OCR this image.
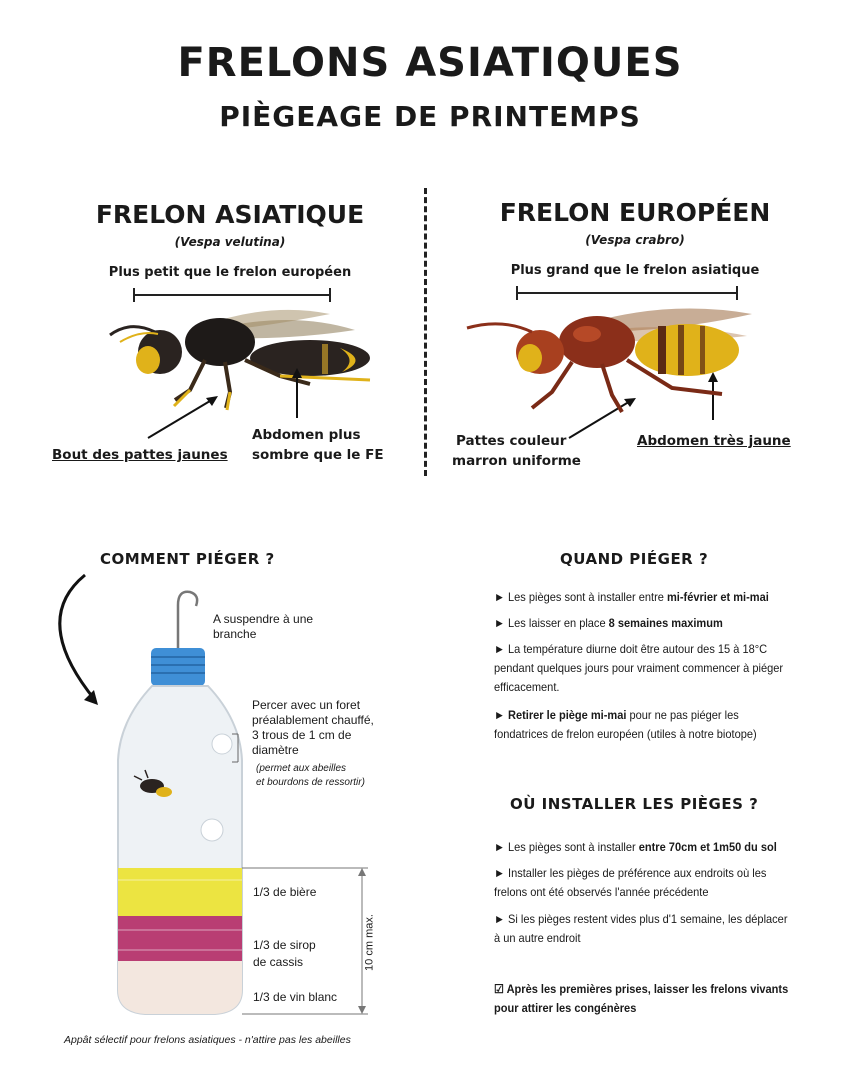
FRELONS ASIATIQUES
PIÈGEAGE DE PRINTEMPS
FRELON ASIATIQUE
(Vespa velutina)
Plus petit que le frelon européen
Bout des pattes jaunes
Abdomen plus
sombre que le FE
FRELON EUROPÉEN
(Vespa crabro)
Plus grand que le frelon asiatique
Pattes couleur
marron uniforme
Abdomen très jaune
COMMENT PIÉGER ?
A suspendre à une
branche
Percer avec un foret
préalablement chauffé,
3 trous de 1 cm de
diamètre
(permet aux abeilles
et bourdons de ressortir)
1/3 de bière
1/3 de sirop
de cassis
1/3 de vin blanc
10 cm max.
Appât sélectif pour frelons asiatiques - n'attire pas les abeilles
QUAND PIÉGER ?
► Les pièges sont à installer entre mi-février et mi-mai
► Les laisser en place 8 semaines maximum
► La température diurne doit être autour des 15 à 18°C
pendant quelques jours pour vraiment commencer à piéger
efficacement.
► Retirer le piège mi-mai pour ne pas piéger les
fondatrices de frelon européen (utiles à notre biotope)
OÙ INSTALLER LES PIÈGES ?
► Les pièges sont à installer entre 70cm et 1m50 du sol
► Installer les pièges de préférence aux endroits où les
frelons ont été observés l'année précédente
► Si les pièges restent vides plus d'1 semaine, les déplacer
à un autre endroit
☑ Après les premières prises, laisser les frelons vivants
pour attirer les congénères
